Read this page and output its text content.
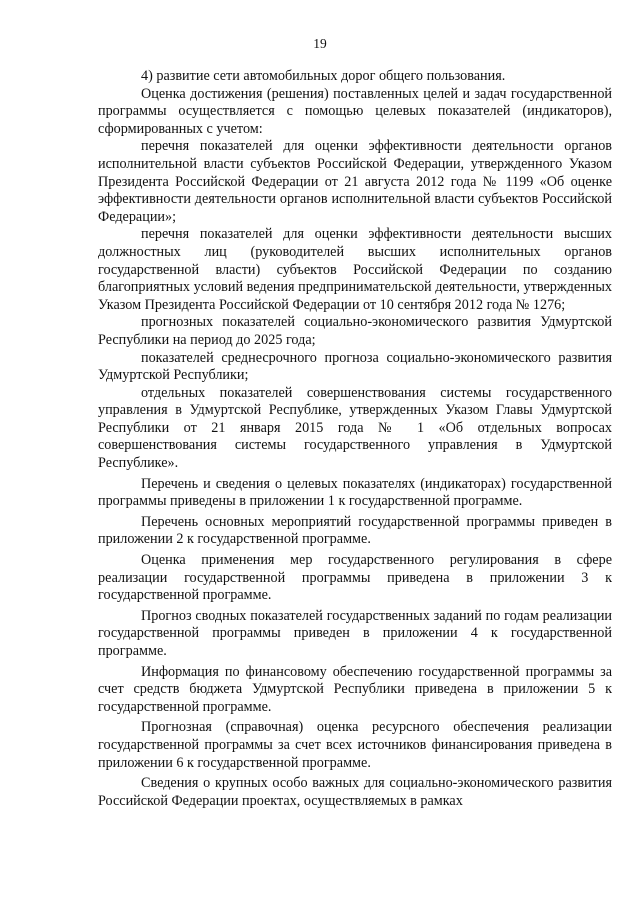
19

4) развитие сети автомобильных дорог общего пользования.

Оценка достижения (решения) поставленных целей и задач государственной программы осуществляется с помощью целевых показателей (индикаторов), сформированных с учетом:

перечня показателей для оценки эффективности деятельности органов исполнительной власти субъектов Российской Федерации, утвержденного Указом Президента Российской Федерации от 21 августа 2012 года № 1199 «Об оценке эффективности деятельности органов исполнительной власти субъектов Российской Федерации»;

перечня показателей для оценки эффективности деятельности высших должностных лиц (руководителей высших исполнительных органов государственной власти) субъектов Российской Федерации по созданию благоприятных условий ведения предпринимательской деятельности, утвержденных Указом Президента Российской Федерации от 10 сентября 2012 года № 1276;

прогнозных показателей социально-экономического развития Удмуртской Республики на период до 2025 года;

показателей среднесрочного прогноза социально-экономического развития Удмуртской Республики;

отдельных показателей совершенствования системы государственного управления в Удмуртской Республике, утвержденных Указом Главы Удмуртской Республики от 21 января 2015 года № 1 «Об отдельных вопросах совершенствования системы государственного управления в Удмуртской Республике».

Перечень и сведения о целевых показателях (индикаторах) государственной программы приведены в приложении 1 к государственной программе.

Перечень основных мероприятий государственной программы приведен в приложении 2 к государственной программе.

Оценка применения мер государственного регулирования в сфере реализации государственной программы приведена в приложении 3 к государственной программе.

Прогноз сводных показателей государственных заданий по годам реализации государственной программы приведен в приложении 4 к государственной программе.

Информация по финансовому обеспечению государственной программы за счет средств бюджета Удмуртской Республики приведена в приложении 5 к государственной программе.

Прогнозная (справочная) оценка ресурсного обеспечения реализации государственной программы за счет всех источников финансирования приведена в приложении 6 к государственной программе.

Сведения о крупных особо важных для социально-экономического развития Российской Федерации проектах, осуществляемых в рамках
